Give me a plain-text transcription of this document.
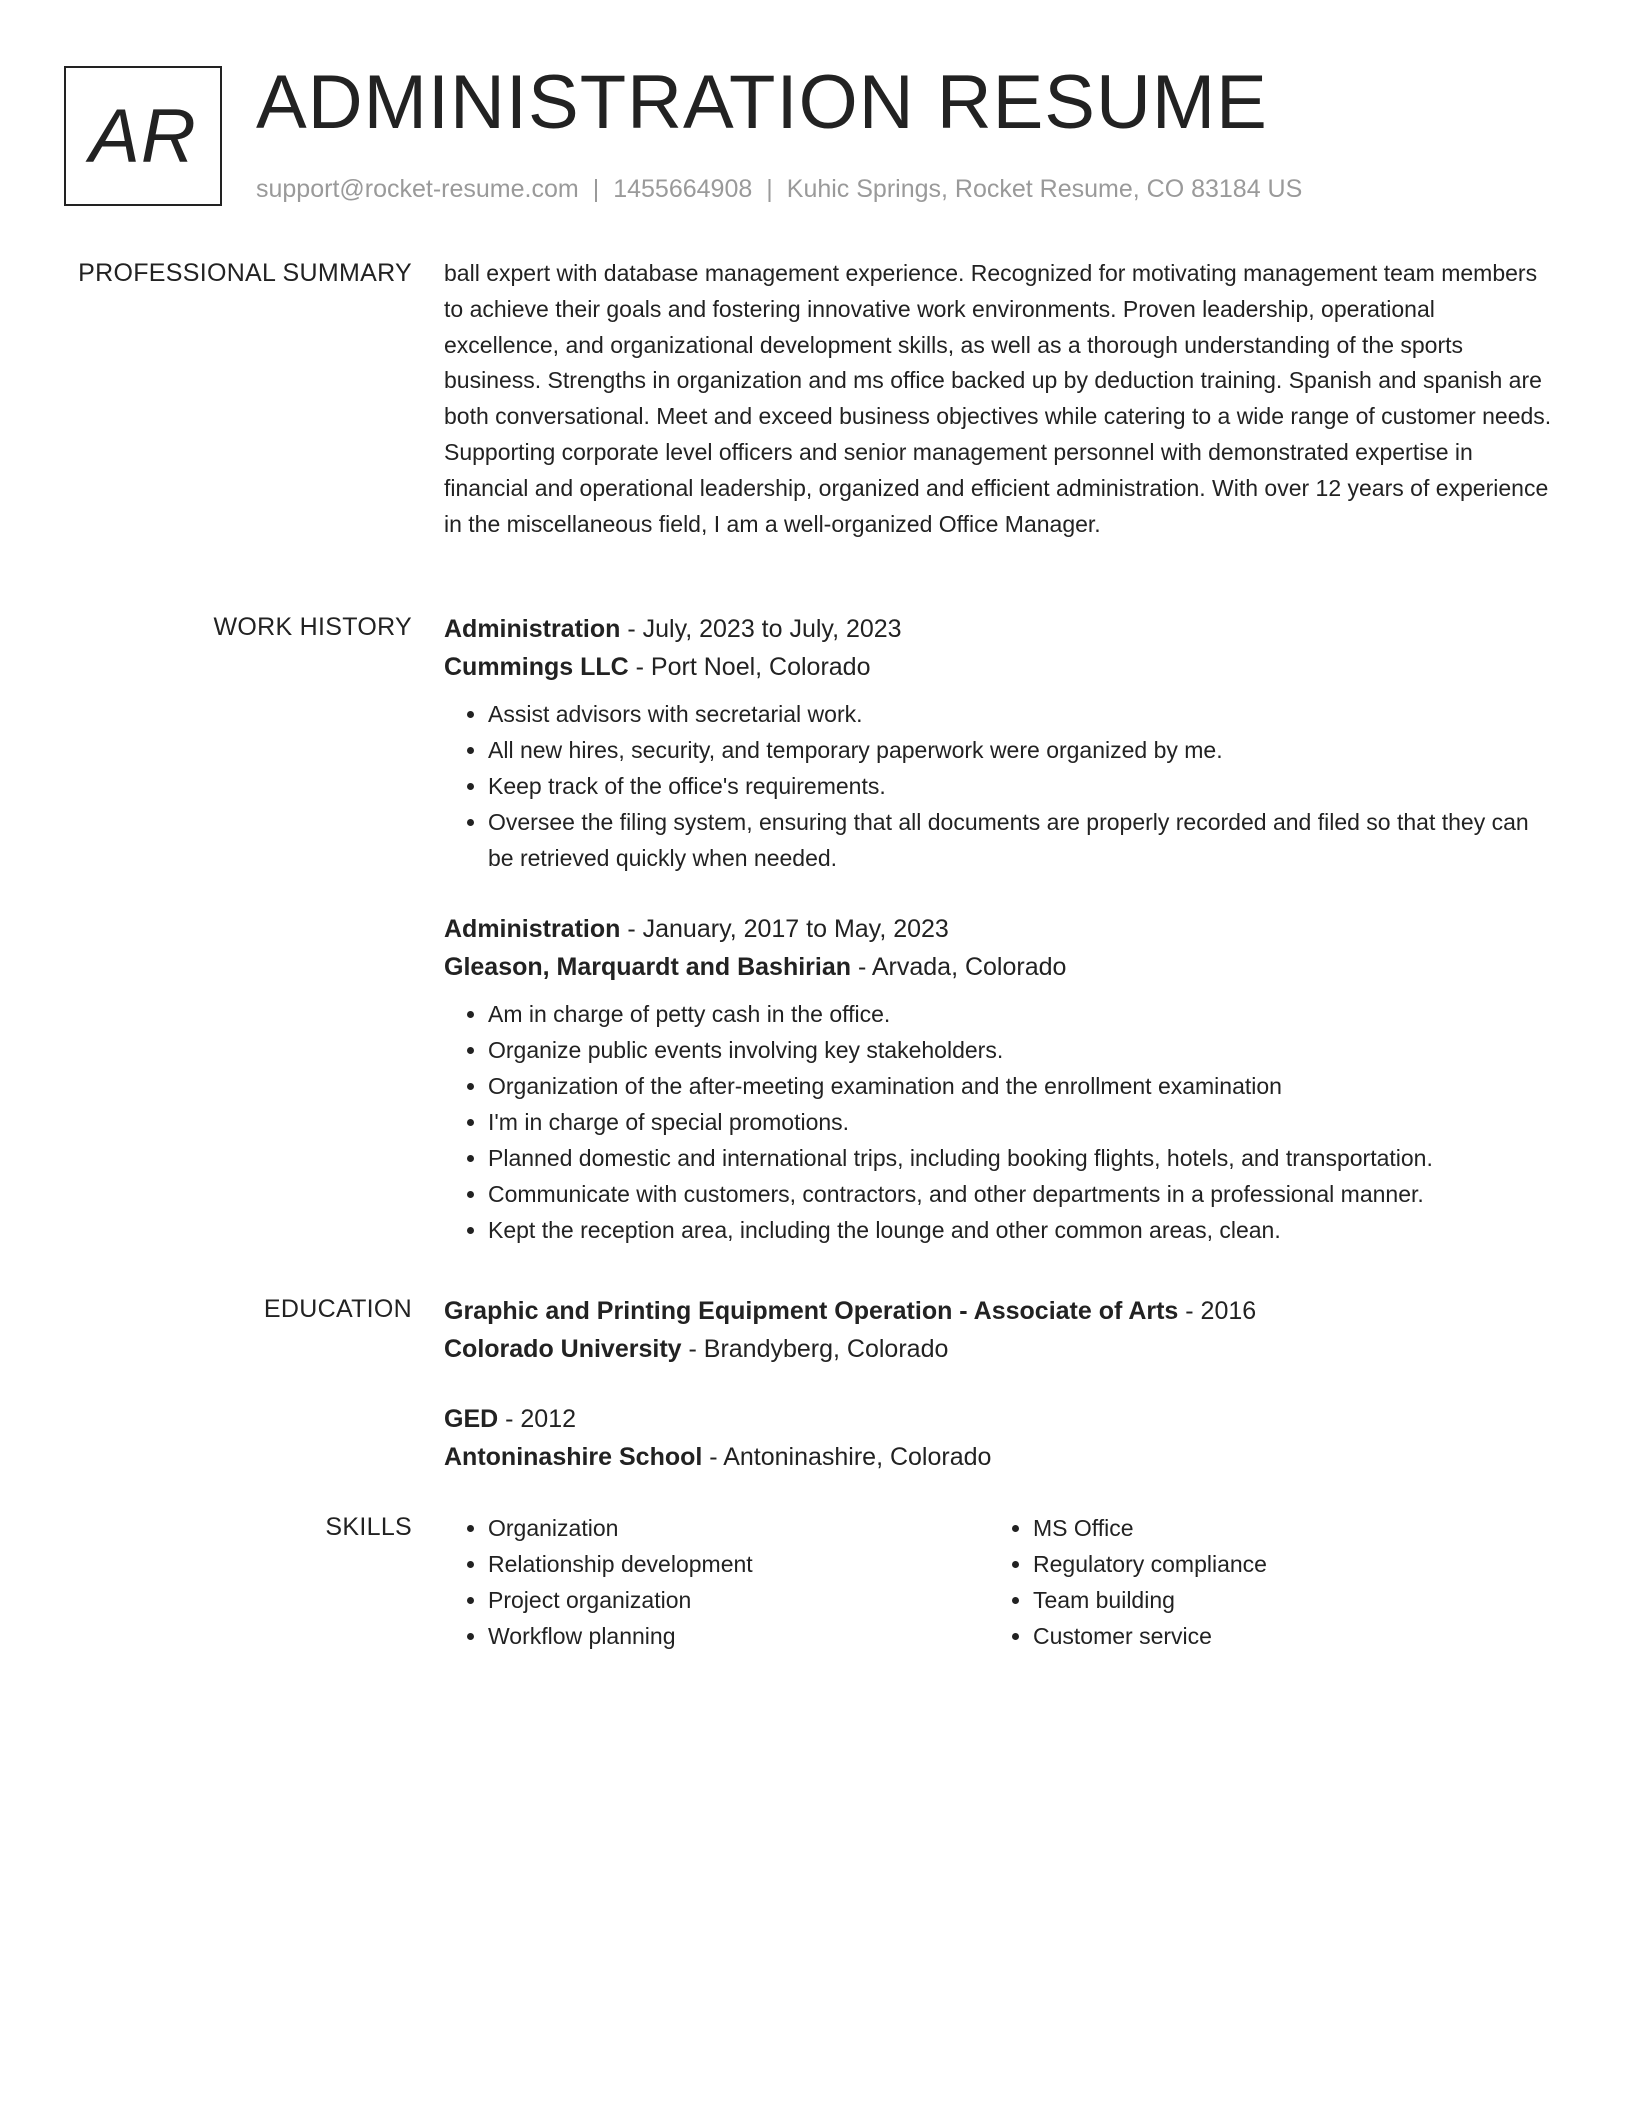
AR ADMINISTRATION RESUME
support@rocket-resume.com | 1455664908 | Kuhic Springs, Rocket Resume, CO 83184 US
PROFESSIONAL SUMMARY ball expert with database management experience. Recognized for motivating management team members to achieve their goals and fostering innovative work environments. Proven leadership, operational excellence, and organizational development skills, as well as a thorough understanding of the sports business. Strengths in organization and ms office backed up by deduction training. Spanish and spanish are both conversational. Meet and exceed business objectives while catering to a wide range of customer needs. Supporting corporate level officers and senior management personnel with demonstrated expertise in financial and operational leadership, organized and efficient administration. With over 12 years of experience in the miscellaneous field, I am a well-organized Office Manager.

WORK HISTORY Administration - July, 2023 to July, 2023
Cummings LLC - Port Noel, Colorado
• Assist advisors with secretarial work.
• All new hires, security, and temporary paperwork were organized by me.
• Keep track of the office's requirements.
• Oversee the filing system, ensuring that all documents are properly recorded and filed so that they can be retrieved quickly when needed.
Administration - January, 2017 to May, 2023
Gleason, Marquardt and Bashirian - Arvada, Colorado
• Am in charge of petty cash in the office.
• Organize public events involving key stakeholders.
• Organization of the after-meeting examination and the enrollment examination
• I'm in charge of special promotions.
• Planned domestic and international trips, including booking flights, hotels, and transportation.
• Communicate with customers, contractors, and other departments in a professional manner.
• Kept the reception area, including the lounge and other common areas, clean.
EDUCATION Graphic and Printing Equipment Operation - Associate of Arts - 2016
Colorado University - Brandyberg, Colorado
GED - 2012
Antoninashire School - Antoninashire, Colorado
SKILLS
•	Organization
• Relationship development
• Project organization
• Workflow planning
• MS Office
• Regulatory compliance
• Team building
• Customer service
